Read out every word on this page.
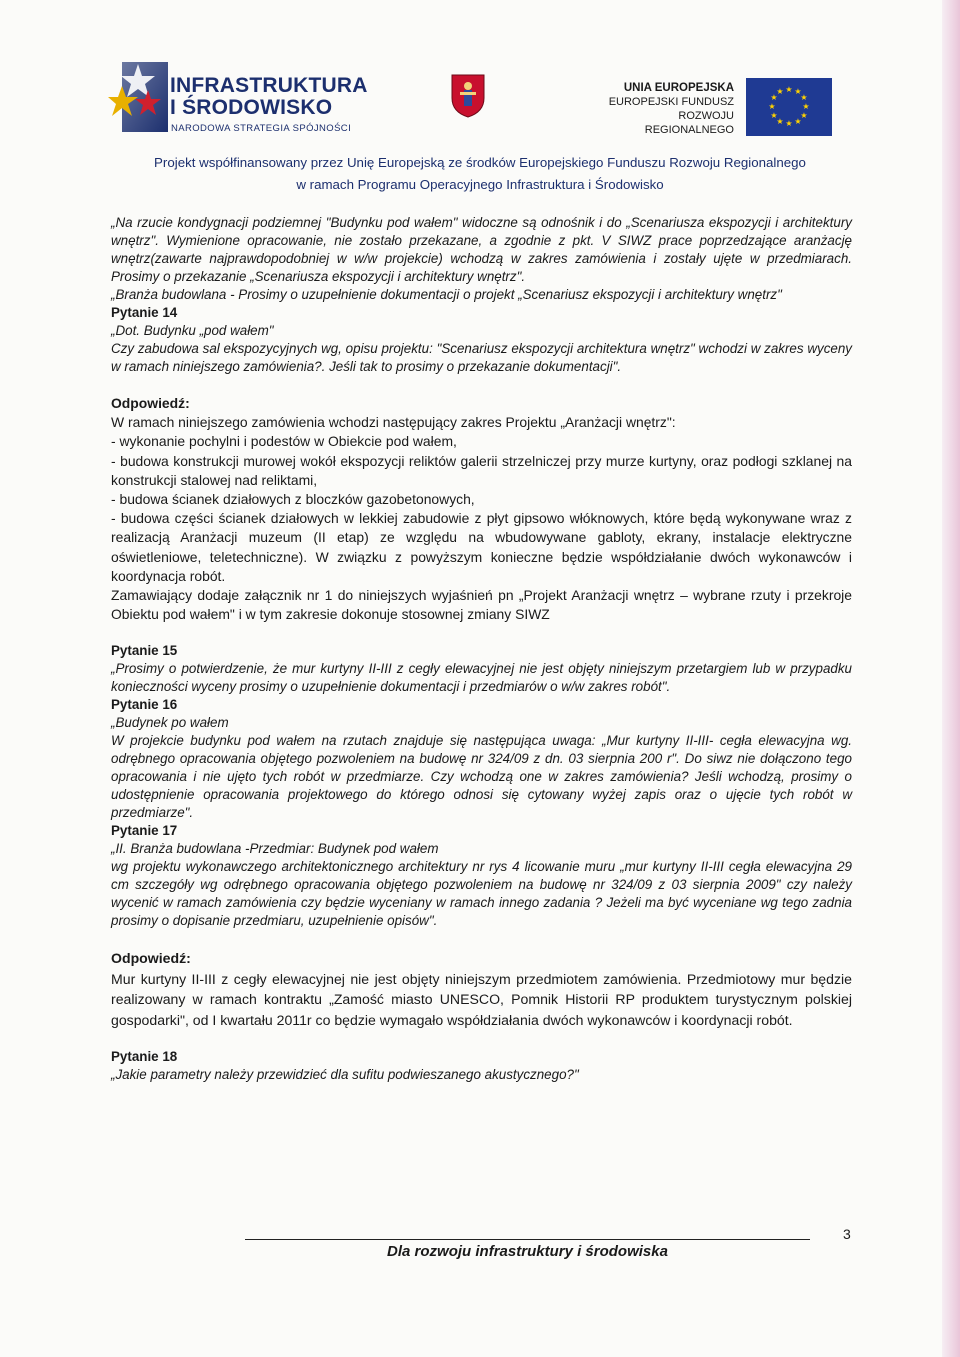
INFRASTRUKTURA
I ŚRODOWISKO
NARODOWA STRATEGIA SPÓJNOŚCI
UNIA EUROPEJSKA
EUROPEJSKI FUNDUSZ
ROZWOJU REGIONALNEGO
★ ★
★
★
★
★
★
★
★
★
★
★
Projekt współfinansowany przez Unię Europejską ze środków Europejskiego Funduszu Rozwoju Regionalnego
w ramach Programu Operacyjnego Infrastruktura i Środowisko

„Na rzucie kondygnacji podziemnej "Budynku pod wałem" widoczne są odnośnik i do „Scenariusza ekspozycji i architektury wnętrz". Wymienione opracowanie, nie zostało przekazane, a zgodnie z pkt. V SIWZ prace poprzedzające aranżację wnętrz(zawarte najprawdopodobniej w w/w projekcie) wchodzą w zakres zamówienia i zostały ujęte w przedmiarach. Prosimy o przekazanie „Scenariusza ekspozycji i architektury wnętrz".

„Branża budowlana - Prosimy o uzupełnienie dokumentacji o projekt „Scenariusz ekspozycji i architektury wnętrz"

Pytanie 14

„Dot. Budynku „pod wałem"

Czy zabudowa sal ekspozycyjnych wg, opisu projektu: "Scenariusz ekspozycji architektura wnętrz" wchodzi w zakres wyceny w ramach niniejszego zamówienia?. Jeśli tak to prosimy o przekazanie dokumentacji".

Odpowiedź:

W ramach niniejszego zamówienia wchodzi następujący zakres Projektu „Aranżacji wnętrz":

- wykonanie pochylni i podestów w Obiekcie pod wałem,

- budowa konstrukcji murowej wokół ekspozycji reliktów galerii strzelniczej przy murze kurtyny, oraz podłogi szklanej na konstrukcji stalowej nad reliktami,

- budowa ścianek działowych z bloczków gazobetonowych,

- budowa części ścianek działowych w lekkiej zabudowie z płyt gipsowo włóknowych, które będą wykonywane wraz z realizacją Aranżacji muzeum (II etap) ze względu na wbudowywane gabloty, ekrany, instalacje elektryczne oświetleniowe, teletechniczne). W związku z powyższym konieczne będzie współdziałanie dwóch wykonawców i koordynacja robót.

Zamawiający dodaje załącznik nr 1 do niniejszych wyjaśnień pn „Projekt Aranżacji wnętrz – wybrane rzuty i przekroje Obiektu pod wałem" i w tym zakresie dokonuje stosownej zmiany SIWZ

Pytanie 15

„Prosimy o potwierdzenie, że mur kurtyny II-III z cegły elewacyjnej nie jest objęty niniejszym przetargiem lub w przypadku konieczności wyceny prosimy o uzupełnienie dokumentacji i przedmiarów o w/w zakres robót".

Pytanie 16

„Budynek po wałem

W projekcie budynku pod wałem na rzutach znajduje się następująca uwaga: „Mur kurtyny II-III- cegła elewacyjna wg. odrębnego opracowania objętego pozwoleniem na budowę nr 324/09 z dn. 03 sierpnia 200 r". Do siwz nie dołączono tego opracowania i nie ujęto tych robót w przedmiarze. Czy wchodzą one w zakres zamówienia? Jeśli wchodzą, prosimy o udostępnienie opracowania projektowego do którego odnosi się cytowany wyżej zapis oraz o ujęcie tych robót w przedmiarze".

Pytanie 17

„II. Branża budowlana -Przedmiar: Budynek pod wałem

wg projektu wykonawczego architektonicznego architektury nr rys 4 licowanie muru „mur kurtyny II-III cegła elewacyjna 29 cm szczegóły wg odrębnego opracowania objętego pozwoleniem na budowę nr 324/09 z 03 sierpnia 2009" czy należy wycenić w ramach zamówienia czy będzie wyceniany w ramach innego zadania ? Jeżeli ma być wyceniane wg tego zadnia prosimy o dopisanie przedmiaru, uzupełnienie opisów".

Odpowiedź:

Mur kurtyny II-III z cegły elewacyjnej nie jest objęty niniejszym przedmiotem zamówienia. Przedmiotowy mur będzie realizowany w ramach kontraktu „Zamość miasto UNESCO, Pomnik Historii RP produktem turystycznym polskiej gospodarki", od I kwartału 2011r co będzie wymagało współdziałania dwóch wykonawców i koordynacji robót.

Pytanie 18

„Jakie parametry należy przewidzieć dla sufitu podwieszanego akustycznego?"

3
Dla rozwoju infrastruktury i środowiska
